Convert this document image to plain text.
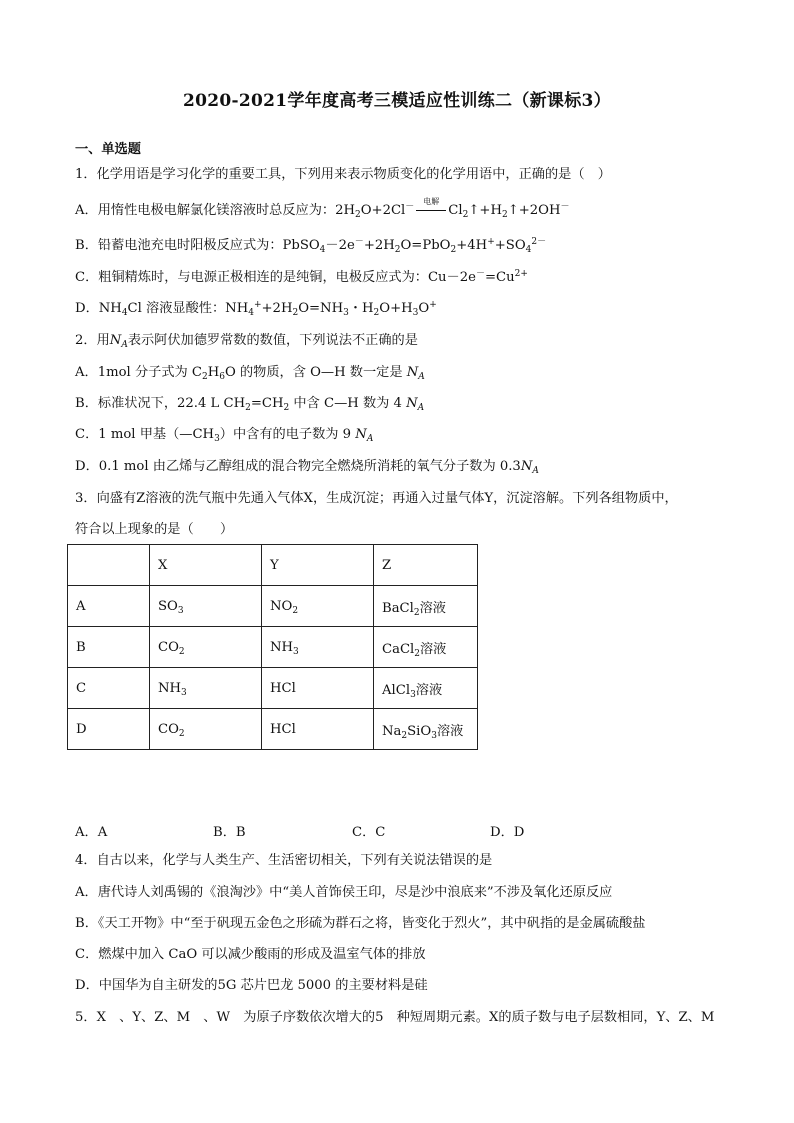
2020-2021学年度高考三模适应性训练二（新课标3）
一、单选题
1．化学用语是学习化学的重要工具，下列用来表示物质变化的化学用语中，正确的是（　）
A．用惰性电极电解氯化镁溶液时总反应为：$2H_2O+2Cl^-$
电解
$Cl_2↑+H_2↑+2OH^-$
B．铅蓄电池充电时阳极反应式为：$PbSO_4-2e^-+2H_2O=PbO_2+4H^++SO_4^{2-}$
C．粗铜精炼时，与电源正极相连的是纯铜，电极反应式为：$Cu-2e^-=Cu^{2+}$
D．$NH_4Cl$ 溶液显酸性：$NH_4^++2H_2O=NH_3$・$H_2O+H_3O^+$
2．用$N_A$表示阿伏加德罗常数的数值，下列说法不正确的是
A．1mol 分子式为 $C_2H_6O$ 的物质，含 O—H 数一定是 $N_A$
B．标准状况下，22.4 L $CH_2=CH_2$ 中含 C—H 数为 4 $N_A$
C．1 mol 甲基$(—CH_3)$中含有的电子数为 9 $N_A$
D．0.1 mol 由乙烯与乙醇组成的混合物完全燃烧所消耗的氧气分子数为 $0.3N_A$
3．向盛有Z溶液的洗气瓶中先通入气体X，生成沉淀；再通入过量气体Y，沉淀溶解。下列各组物质中，
符合以上现象的是（　　）
	X	Y	Z
A	$SO_3$	$NO_2$	BaCl$_2$溶液
B	$CO_2$	$NH_3$	CaCl$_2$溶液
C	$NH_3$	HCl	AlCl$_3$溶液
D	$CO_2$	HCl	$Na_2SiO_3$溶液
A．A	B．B	C．C	D．D
4．自古以来，化学与人类生产、生活密切相关，下列有关说法错误的是
A．唐代诗人刘禹锡的《浪淘沙》中“美人首饰侯王印，尽是沙中浪底来”不涉及氧化还原反应
B．《天工开物》中“至于矾现五金色之形硫为群石之将，皆变化于烈火”，其中矾指的是金属硫酸盐
C．燃煤中加入 CaO 可以减少酸雨的形成及温室气体的排放
D．中国华为自主研发的5G 芯片巴龙 5000 的主要材料是硅
5．X　、Y、Z、M　、W　为原子序数依次增大的5　种短周期元素。X的质子数与电子层数相同，Y、Z、M
